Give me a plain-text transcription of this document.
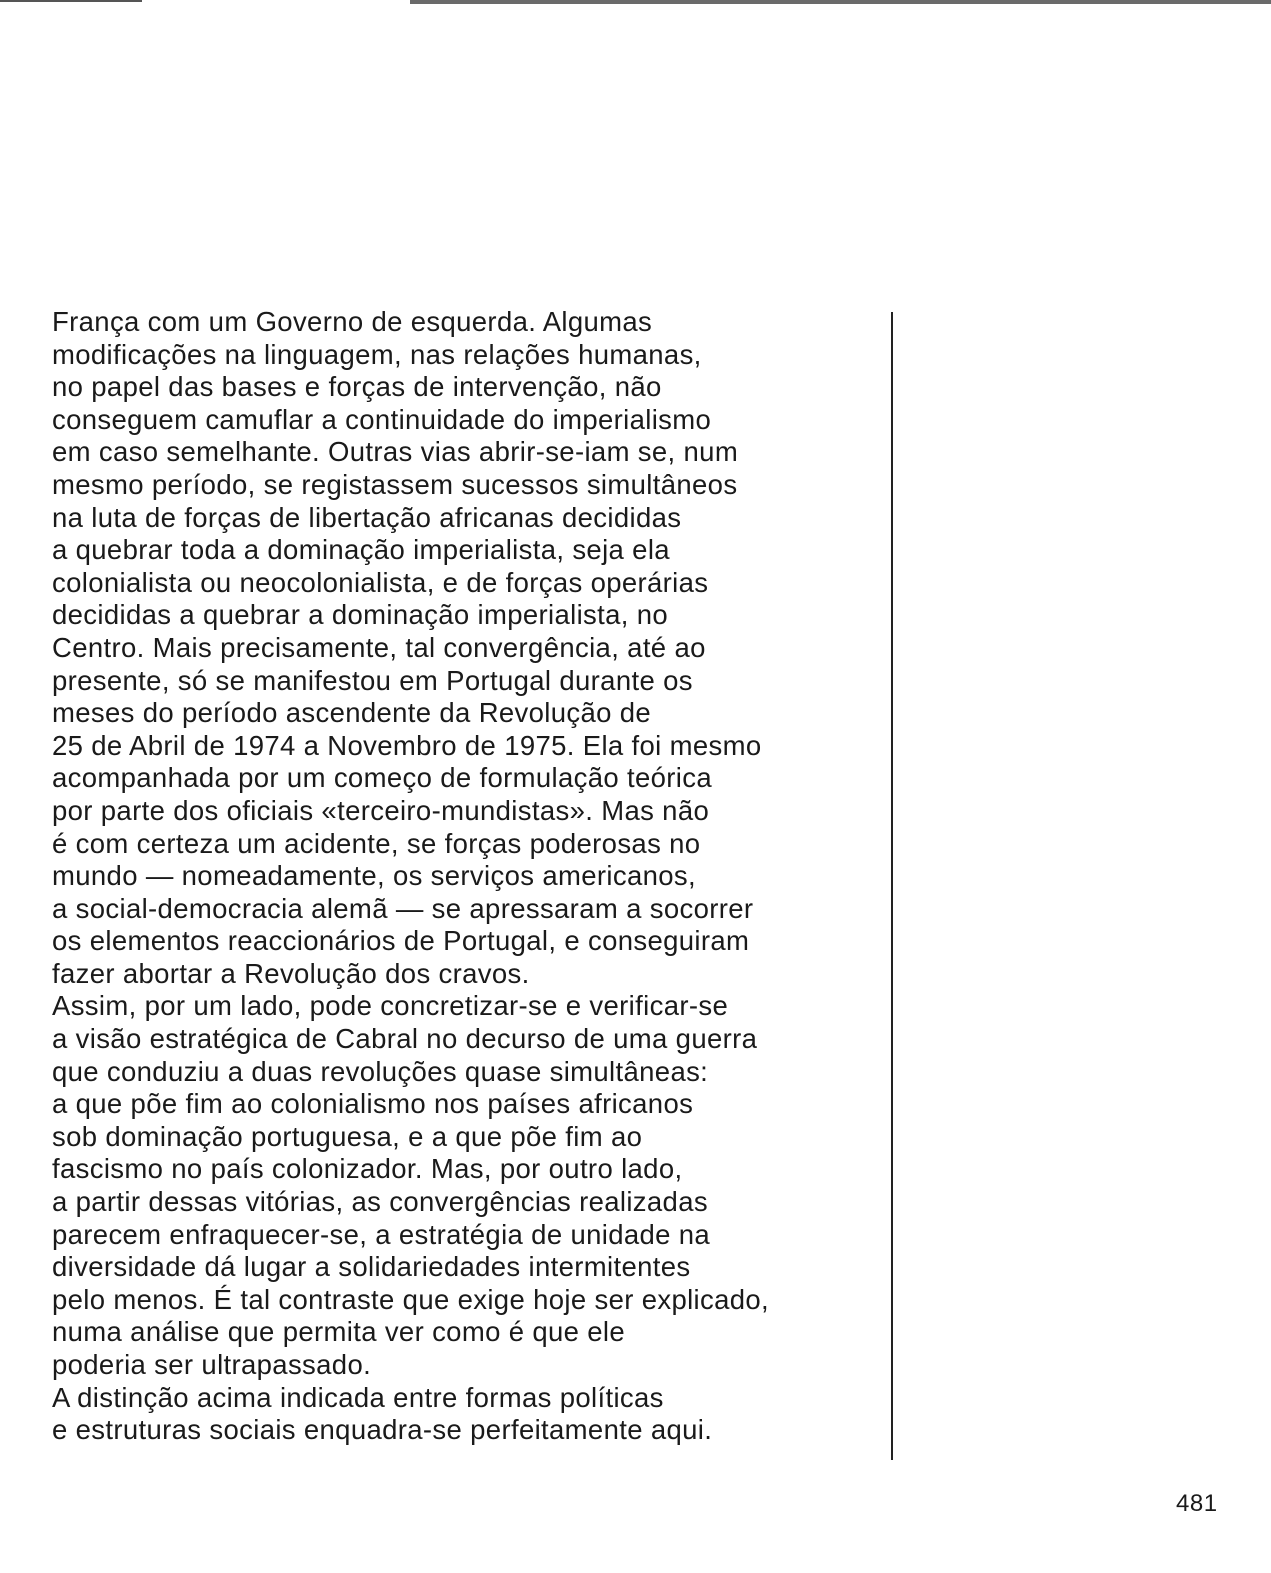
França com um Governo de esquerda. Algumas
modificações na linguagem, nas relações humanas,
no papel das bases e forças de intervenção, não
conseguem camuflar a continuidade do imperialismo
em caso semelhante. Outras vias abrir-se-iam se, num
mesmo período, se registassem sucessos simultâneos
na luta de forças de libertação africanas decididas
a quebrar toda a dominação imperialista, seja ela
colonialista ou neocolonialista, e de forças operárias
decididas a quebrar a dominação imperialista, no
Centro. Mais precisamente, tal convergência, até ao
presente, só se manifestou em Portugal durante os
meses do período ascendente da Revolução de
25 de Abril de 1974 a Novembro de 1975. Ela foi mesmo
acompanhada por um começo de formulação teórica
por parte dos oficiais «terceiro-mundistas». Mas não
é com certeza um acidente, se forças poderosas no
mundo — nomeadamente, os serviços americanos,
a social-democracia alemã — se apressaram a socorrer
os elementos reaccionários de Portugal, e conseguiram
fazer abortar a Revolução dos cravos.
Assim, por um lado, pode concretizar-se e verificar-se
a visão estratégica de Cabral no decurso de uma guerra
que conduziu a duas revoluções quase simultâneas:
a que põe fim ao colonialismo nos países africanos
sob dominação portuguesa, e a que põe fim ao
fascismo no país colonizador. Mas, por outro lado,
a partir dessas vitórias, as convergências realizadas
parecem enfraquecer-se, a estratégia de unidade na
diversidade dá lugar a solidariedades intermitentes
pelo menos. É tal contraste que exige hoje ser explicado,
numa análise que permita ver como é que ele
poderia ser ultrapassado.
A distinção acima indicada entre formas políticas
e estruturas sociais enquadra-se perfeitamente aqui.
481
